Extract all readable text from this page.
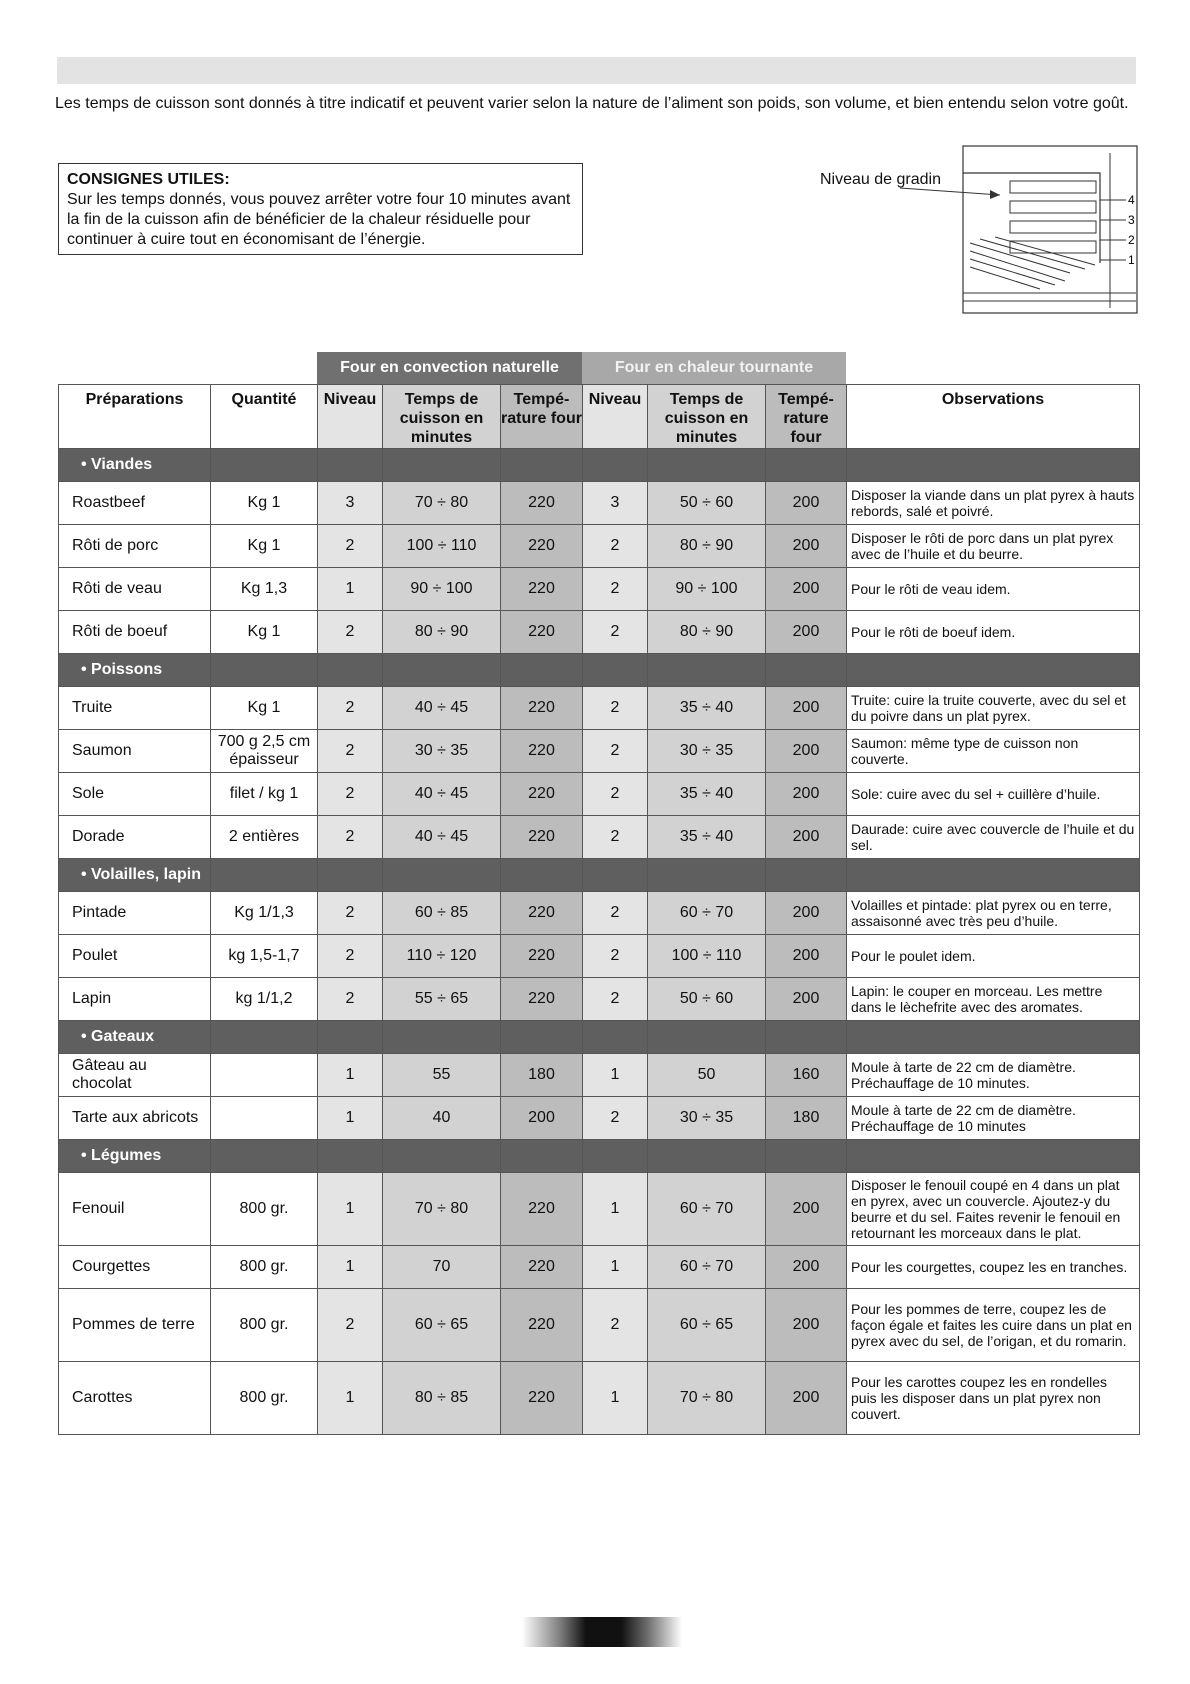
Les temps de cuisson sont donnés à titre indicatif et peuvent varier selon la nature de l’aliment son poids, son volume, et bien entendu selon votre goût.
CONSIGNES UTILES:
Sur les temps donnés, vous pouvez arrêter votre four 10 minutes avant la fin de la cuisson afin de bénéficier de la chaleur résiduelle pour continuer à cuire tout en économisant de l’énergie.
Niveau de gradin
4
3
2
1
Four en convection naturelle	Four en chaleur tournante
Préparations	Quantité	Niveau	Temps de cuisson en minutes	Tempé- rature four	Niveau	Temps de cuisson en minutes	Tempé- rature four	Observations
• Viandes								
Roastbeef	Kg 1	3	70 ÷ 80	220	3	50 ÷ 60	200	Disposer la viande dans un plat pyrex à hauts rebords, salé et poivré.
Rôti de porc	Kg 1	2	100 ÷ 110	220	2	80 ÷ 90	200	Disposer le rôti de porc dans un plat pyrex avec de l’huile et du beurre.
Rôti de veau	Kg 1,3	1	90 ÷ 100	220	2	90 ÷ 100	200	Pour le rôti de veau idem.
Rôti de boeuf	Kg 1	2	80 ÷ 90	220	2	80 ÷ 90	200	Pour le rôti de boeuf idem.
• Poissons								
Truite	Kg 1	2	40 ÷ 45	220	2	35 ÷ 40	200	Truite: cuire la truite couverte, avec du sel et du poivre dans un plat pyrex.
Saumon	700 g 2,5 cm épaisseur	2	30 ÷ 35	220	2	30 ÷ 35	200	Saumon: même type de cuisson non couverte.
Sole	filet / kg 1	2	40 ÷ 45	220	2	35 ÷ 40	200	Sole: cuire avec du sel + cuillère d’huile.
Dorade	2 entières	2	40 ÷ 45	220	2	35 ÷ 40	200	Daurade: cuire avec couvercle de l’huile et du sel.
• Volailles, lapin								
Pintade	Kg 1/1,3	2	60 ÷ 85	220	2	60 ÷ 70	200	Volailles et pintade: plat pyrex ou en terre, assaisonné avec très peu d’huile.
Poulet	kg 1,5-1,7	2	110 ÷ 120	220	2	100 ÷ 110	200	Pour le poulet idem.
Lapin	kg 1/1,2	2	55 ÷ 65	220	2	50 ÷ 60	200	Lapin: le couper en morceau. Les mettre dans le lèchefrite avec des aromates.
• Gateaux								
Gâteau au chocolat		1	55	180	1	50	160	Moule à tarte de 22 cm de diamètre. Préchauffage de 10 minutes.
Tarte aux abricots		1	40	200	2	30 ÷ 35	180	Moule à tarte de 22 cm de diamètre. Préchauffage de 10 minutes
• Légumes								
Fenouil	800 gr.	1	70 ÷ 80	220	1	60 ÷ 70	200	Disposer le fenouil coupé en 4 dans un plat en pyrex, avec un couvercle. Ajoutez-y du beurre et du sel. Faites revenir le fenouil en retournant les morceaux dans le plat.
Courgettes	800 gr.	1	70	220	1	60 ÷ 70	200	Pour les courgettes, coupez les en tranches.
Pommes de terre	800 gr.	2	60 ÷ 65	220	2	60 ÷ 65	200	Pour les pommes de terre, coupez les de façon égale et faites les cuire dans un plat en pyrex avec du sel, de l’origan, et du romarin.
Carottes	800 gr.	1	80 ÷ 85	220	1	70 ÷ 80	200	Pour les carottes coupez les en rondelles puis les disposer dans un plat pyrex non couvert.
